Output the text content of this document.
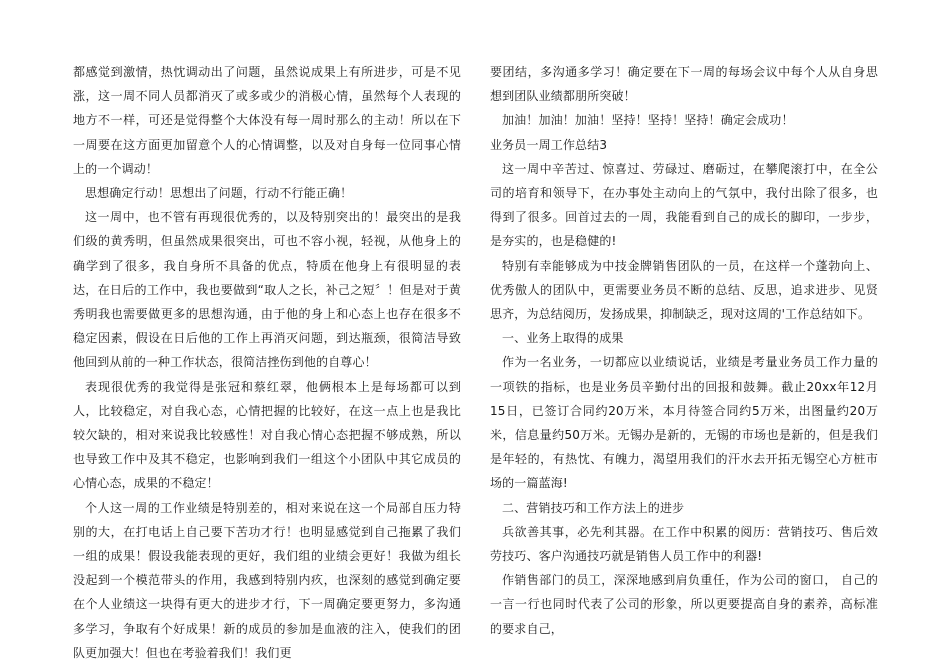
都感觉到激情，热忱调动出了问题，虽然说成果上有所进步，可是不见涨，这一周不同人员都消灭了或多或少的消极心情，虽然每个人表现的地方不一样，可还是觉得整个大体没有每一周时那么的主动！所以在下一周要在这方面更加留意个人的心情调整，以及对自身每一位同事心情上的一个调动！

思想确定行动！思想出了问题，行动不行能正确！

这一周中，也不管有再现很优秀的，以及特别突出的！最突出的是我们级的黄秀明，但虽然成果很突出，可也不容小视，轻视，从他身上的确学到了很多，我自身所不具备的优点，特质在他身上有很明显的表达，在日后的工作中，我也要做到“取人之长，补己之短〞！但是对于黄秀明我也需要做更多的思想沟通，由于他的身上和心态上也存在很多不稳定因素，假设在日后他的工作上再消灭问题，到达瓶颈，很简洁导致他回到从前的一种工作状态，很简洁挫伤到他的自尊心！

表现很优秀的我觉得是张冠和蔡红翠，他俩根本上是每场都可以到人，比较稳定，对自我心态，心情把握的比较好，在这一点上也是我比较欠缺的，相对来说我比较感性！对自我心情心态把握不够成熟，所以也导致工作中及其不稳定，也影响到我们一组这个小团队中其它成员的心情心态，成果的不稳定！

个人这一周的工作业绩是特别差的，相对来说在这一个局部自压力特别的大，在打电话上自己要下苦功才行！也明显感觉到自己拖累了我们一组的成果！假设我能表现的更好，我们组的业绩会更好！我做为组长没起到一个模范带头的作用，我感到特别内疚，也深刻的感觉到确定要在个人业绩这一块得有更大的进步才行，下一周确定要更努力，多沟通多学习，争取有个好成果！新的成员的参加是血液的注入，使我们的团队更加强大！但也在考验着我们！我们更

要团结，多沟通多学习！确定要在下一周的每场会议中每个人从自身思想到团队业绩都朋所突破！

加油！加油！加油！坚持！坚持！坚持！确定会成功！

业务员一周工作总结3

这一周中辛苦过、惊喜过、劳碌过、磨砺过，在攀爬滚打中，在全公司的培育和领导下，在办事处主动向上的气氛中，我付出除了很多，也得到了很多。回首过去的一周，我能看到自己的成长的脚印，一步步，是夯实的，也是稳健的!

特别有幸能够成为中技金牌销售团队的一员，在这样一个蓬勃向上、优秀傲人的团队中，更需要业务员不断的总结、反思，追求进步、见贤思齐，为总结阅历，发扬成果，抑制缺乏，现对这周的'工作总结如下。

一、业务上取得的成果

作为一名业务，一切都应以业绩说话，业绩是考量业务员工作力量的一项铁的指标，也是业务员辛勤付出的回报和鼓舞。截止20xx年12月15日，已签订合同约20万米，本月待签合同约5万米，出图量约20万米，信息量约50万米。无锡办是新的，无锡的市场也是新的，但是我们是年轻的，有热忱、有魄力，渴望用我们的汗水去开拓无锡空心方桩市场的一篇蓝海!

二、营销技巧和工作方法上的进步

兵欲善其事，必先利其器。在工作中积累的阅历：营销技巧、售后效劳技巧、客户沟通技巧就是销售人员工作中的利器!

作销售部门的员工，深深地感到肩负重任，作为公司的窗口， 自己的一言一行也同时代表了公司的形象，所以更要提高自身的素养，高标准的要求自己，
